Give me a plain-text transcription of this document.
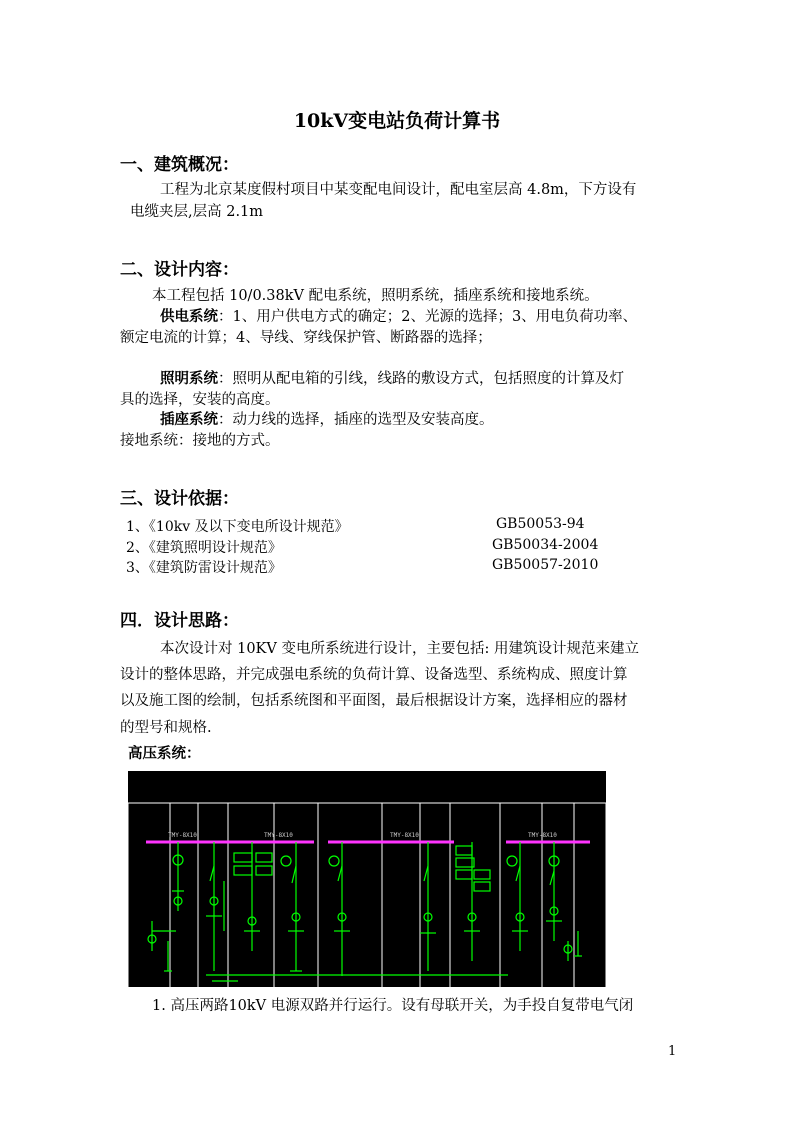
10kV变电站负荷计算书
一、建筑概况：
工程为北京某度假村项目中某变配电间设计，配电室层高 4.8m，下方设有
电缆夹层,层高 2.1m
二、设计内容：
本工程包括 10/0.38kV 配电系统，照明系统，插座系统和接地系统。
供电系统：1、用户供电方式的确定；2、光源的选择；3、用电负荷功率、
额定电流的计算；4、导线、穿线保护管、断路器的选择；
照明系统：照明从配电箱的引线，线路的敷设方式，包括照度的计算及灯
具的选择，安装的高度。
插座系统：动力线的选择，插座的选型及安装高度。
接地系统：接地的方式。
三、设计依据：
1、《10kv 及以下变电所设计规范》	GB50053-94
2、《建筑照明设计规范》	GB50034-2004
3、《建筑防雷设计规范》	GB50057-2010
四．设计思路：
本次设计对 10KV 变电所系统进行设计，主要包括: 用建筑设计规范来建立
设计的整体思路，并完成强电系统的负荷计算、设备选型、系统构成、照度计算
以及施工图的绘制，包括系统图和平面图，最后根据设计方案，选择相应的器材
的型号和规格.
高压系统：
TMY-8X10	TMY-8X10	TMY-8X10	TMY-8X10
1. 高压两路10kV 电源双路并行运行。设有母联开关，为手投自复带电气闭
1
